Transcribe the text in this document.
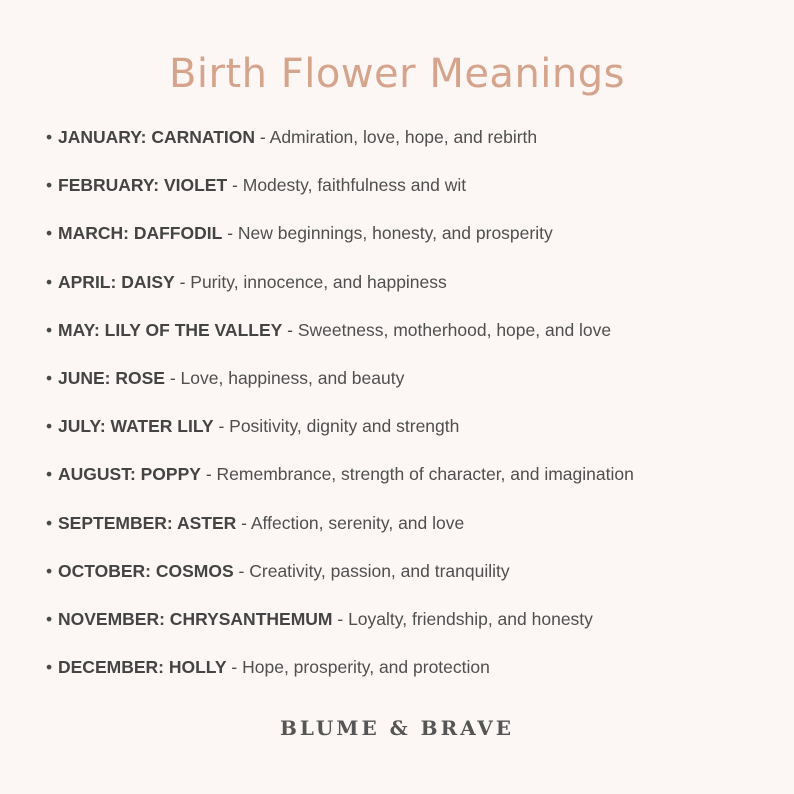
Birth Flower Meanings
• JANUARY: CARNATION - Admiration, love, hope, and rebirth
• FEBRUARY: VIOLET - Modesty, faithfulness and wit
• MARCH: DAFFODIL - New beginnings, honesty, and prosperity
• APRIL: DAISY - Purity, innocence, and happiness
• MAY: LILY OF THE VALLEY - Sweetness, motherhood, hope, and love
• JUNE: ROSE - Love, happiness, and beauty
• JULY: WATER LILY - Positivity, dignity and strength
• AUGUST: POPPY - Remembrance, strength of character, and imagination
• SEPTEMBER: ASTER - Affection, serenity, and love
• OCTOBER: COSMOS - Creativity, passion, and tranquility
• NOVEMBER: CHRYSANTHEMUM - Loyalty, friendship, and honesty
• DECEMBER: HOLLY - Hope, prosperity, and protection
BLUME & BRAVE
